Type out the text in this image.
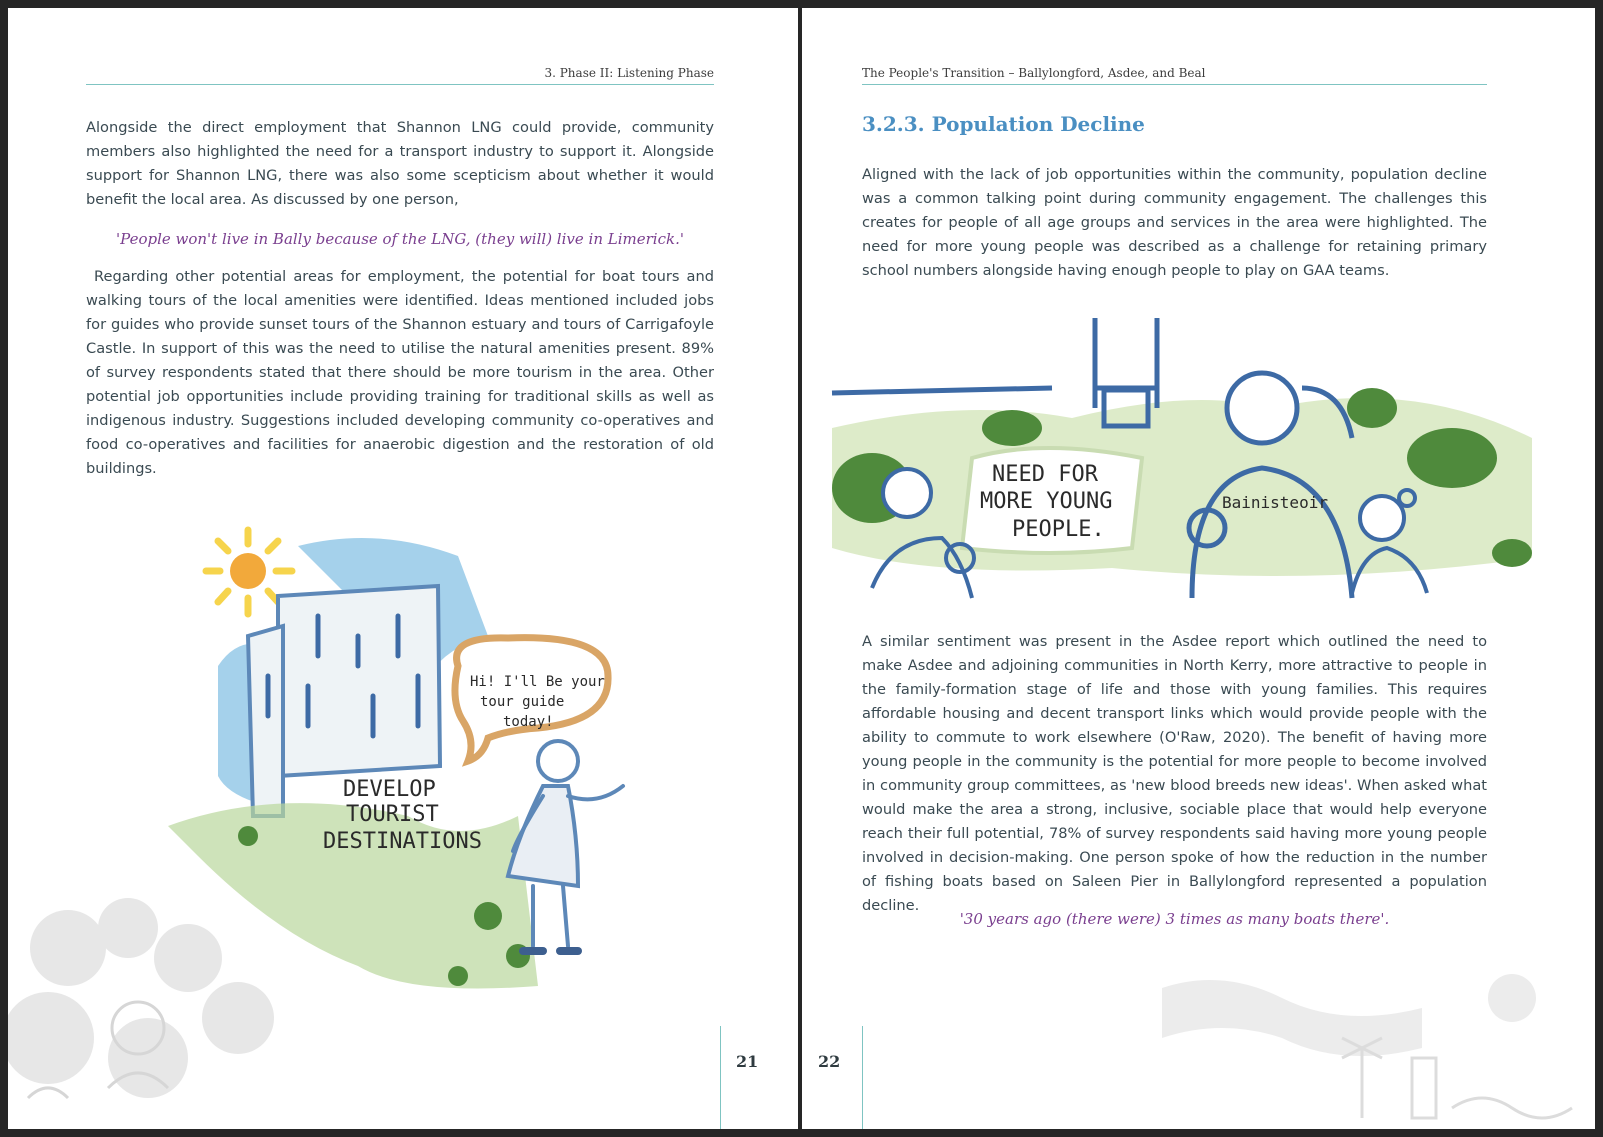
3. Phase II: Listening Phase

Alongside the direct employment that Shannon LNG could provide, community members also highlighted the need for a transport industry to support it. Alongside support for Shannon LNG, there was also some scepticism about whether it would benefit the local area. As discussed by one person,

'People won't live in Bally because of the LNG, (they will) live in Limerick.'

Regarding other potential areas for employment, the potential for boat tours and walking tours of the local amenities were identified. Ideas mentioned included jobs for guides who provide sunset tours of the Shannon estuary and tours of Carrigafoyle Castle. In support of this was the need to utilise the natural amenities present. 89% of survey respondents stated that there should be more tourism in the area. Other potential job opportunities include providing training for traditional skills as well as indigenous industry. Suggestions included developing community co-operatives and food co-operatives and facilities for anaerobic digestion and the restoration of old buildings.

Hi! I'll Be your
tour guide
today!
DEVELOP
TOURIST
DESTINATIONS
21
The People's Transition – Ballylongford, Asdee, and Beal
3.2.3. Population Decline

Aligned with the lack of job opportunities within the community, population decline was a common talking point during community engagement. The challenges this creates for people of all age groups and services in the area were highlighted. The need for more young people was described as a challenge for retaining primary school numbers alongside having enough people to play on GAA teams.

NEED FOR
MORE YOUNG
PEOPLE.
Bainisteoir

A similar sentiment was present in the Asdee report which outlined the need to make Asdee and adjoining communities in North Kerry, more attractive to people in the family-formation stage of life and those with young families. This requires affordable housing and decent transport links which would provide people with the ability to commute to work elsewhere (O'Raw, 2020). The benefit of having more young people in the community is the potential for more people to become involved in community group committees, as 'new blood breeds new ideas'. When asked what would make the area a strong, inclusive, sociable place that would help everyone reach their full potential, 78% of survey respondents said having more young people involved in decision-making. One person spoke of how the reduction in the number of fishing boats based on Saleen Pier in Ballylongford represented a population decline.

'30 years ago (there were) 3 times as many boats there'.
22
